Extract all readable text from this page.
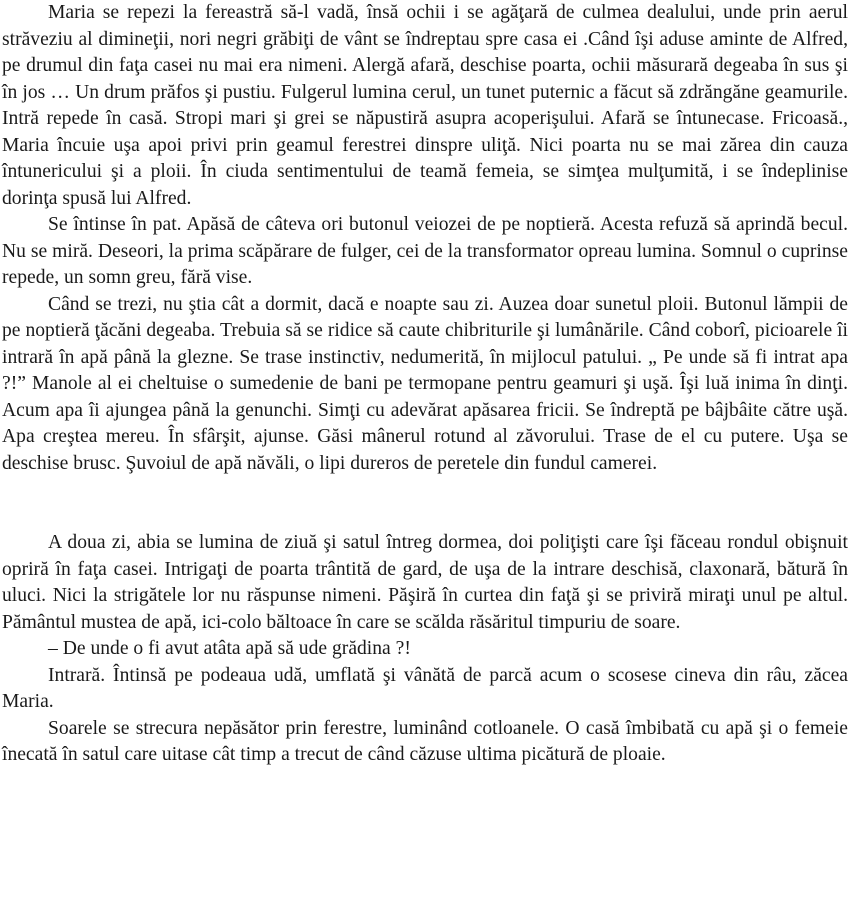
Maria se repezi la fereastră să-l vadă, însă ochii i se agăţară de culmea dealului, unde prin aerul străveziu al dimineţii, nori negri grăbiţi de vânt se îndreptau spre casa ei .Când îşi aduse aminte de Alfred, pe drumul din faţa casei nu mai era nimeni. Alergă afară, deschise poarta, ochii măsurară degeaba în sus şi în jos … Un drum prăfos şi pustiu. Fulgerul lumina cerul, un tunet puternic a făcut să zdrăngăne geamurile. Intră repede în casă. Stropi mari şi grei se năpustiră asupra acoperişului. Afară se întunecase. Fricoasă., Maria încuie uşa apoi privi prin geamul ferestrei dinspre uliţă. Nici poarta nu se mai zărea din cauza întunericului şi a ploii. În ciuda sentimentului de teamă femeia, se simţea mulţumită, i se îndeplinise dorinţa spusă lui Alfred.

Se întinse în pat. Apăsă de câteva ori butonul veiozei de pe noptieră. Acesta refuză să aprindă becul. Nu se miră. Deseori, la prima scăpărare de fulger, cei de la transformator opreau lumina. Somnul o cuprinse repede, un somn greu, fără vise.

Când se trezi, nu ştia cât a dormit, dacă e noapte sau zi. Auzea doar sunetul ploii. Butonul lămpii de pe noptieră ţăcăni degeaba. Trebuia să se ridice să caute chibriturile şi lumânările. Când coborî, picioarele îi intrară în apă până la glezne. Se trase instinctiv, nedumerită, în mijlocul patului. „ Pe unde să fi intrat apa ?!” Manole al ei cheltuise o sumedenie de bani pe termopane pentru geamuri şi uşă. Îşi luă inima în dinţi. Acum apa îi ajungea până la genunchi. Simţi cu adevărat apăsarea fricii. Se îndreptă pe bâjbâite către uşă. Apa creştea mereu. În sfârşit, ajunse. Găsi mânerul rotund al zăvorului. Trase de el cu putere. Uşa se deschise brusc. Şuvoiul de apă năvăli, o lipi dureros de peretele din fundul camerei.

A doua zi, abia se lumina de ziuă şi satul întreg dormea, doi poliţişti care îşi făceau rondul obişnuit opriră în faţa casei. Intrigaţi de poarta trântită de gard, de uşa de la intrare deschisă, claxonară, bătură în uluci. Nici la strigătele lor nu răspunse nimeni. Păşiră în curtea din faţă şi se priviră miraţi unul pe altul. Pământul mustea de apă, ici-colo băltoace în care se scălda răsăritul timpuriu de soare.

– De unde o fi avut atâta apă să ude grădina ?!

Intrară. Întinsă pe podeaua udă, umflată şi vânătă de parcă acum o scosese cineva din râu, zăcea Maria.

Soarele se strecura nepăsător prin ferestre, luminând cotloanele. O casă îmbibată cu apă şi o femeie înecată în satul care uitase cât timp a trecut de când căzuse ultima picătură de ploaie.
